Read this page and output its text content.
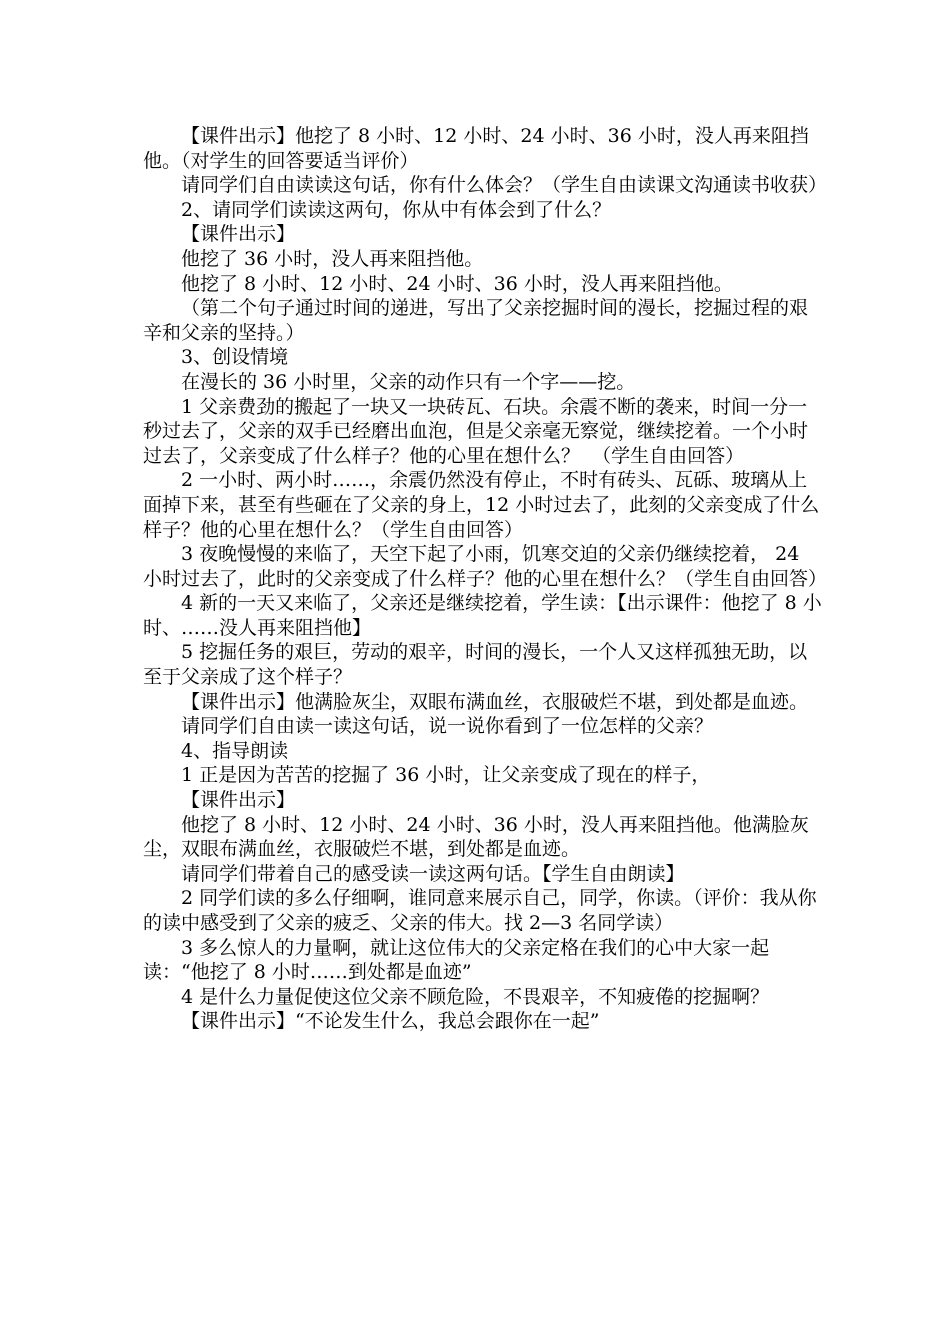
【课件出示】他挖了 8 小时、12 小时、24 小时、36 小时，没人再来阻挡他。（对学生的回答要适当评价）

请同学们自由读读这句话，你有什么体会？（学生自由读课文沟通读书收获）

2、请同学们读读这两句，你从中有体会到了什么？

【课件出示】

他挖了 36 小时，没人再来阻挡他。

他挖了 8 小时、12 小时、24 小时、36 小时，没人再来阻挡他。

（第二个句子通过时间的递进，写出了父亲挖掘时间的漫长，挖掘过程的艰辛和父亲的坚持。）

3、创设情境

在漫长的 36 小时里，父亲的动作只有一个字——挖。

1 父亲费劲的搬起了一块又一块砖瓦、石块。余震不断的袭来，时间一分一秒过去了，父亲的双手已经磨出血泡，但是父亲毫无察觉，继续挖着。一个小时过去了，父亲变成了什么样子？他的心里在想什么？  （学生自由回答）

2 一小时、两小时……，余震仍然没有停止，不时有砖头、瓦砾、玻璃从上面掉下来，甚至有些砸在了父亲的身上，12 小时过去了，此刻的父亲变成了什么样子？他的心里在想什么？（学生自由回答）

3 夜晚慢慢的来临了，天空下起了小雨，饥寒交迫的父亲仍继续挖着， 24 小时过去了，此时的父亲变成了什么样子？他的心里在想什么？（学生自由回答）

4 新的一天又来临了，父亲还是继续挖着，学生读：【出示课件：他挖了 8 小时、……没人再来阻挡他】

5 挖掘任务的艰巨，劳动的艰辛，时间的漫长，一个人又这样孤独无助，以至于父亲成了这个样子？

【课件出示】他满脸灰尘，双眼布满血丝，衣服破烂不堪，到处都是血迹。

请同学们自由读一读这句话，说一说你看到了一位怎样的父亲？

4、指导朗读

1 正是因为苦苦的挖掘了 36 小时，让父亲变成了现在的样子，

【课件出示】

他挖了 8 小时、12 小时、24 小时、36 小时，没人再来阻挡他。他满脸灰尘，双眼布满血丝，衣服破烂不堪，到处都是血迹。

请同学们带着自己的感受读一读这两句话。【学生自由朗读】

2 同学们读的多么仔细啊，谁同意来展示自己，同学，你读。（评价：我从你的读中感受到了父亲的疲乏、父亲的伟大。找 2—3 名同学读）

3 多么惊人的力量啊，就让这位伟大的父亲定格在我们的心中大家一起读：“他挖了 8 小时……到处都是血迹”

4 是什么力量促使这位父亲不顾危险，不畏艰辛，不知疲倦的挖掘啊？

【课件出示】“不论发生什么，我总会跟你在一起”
